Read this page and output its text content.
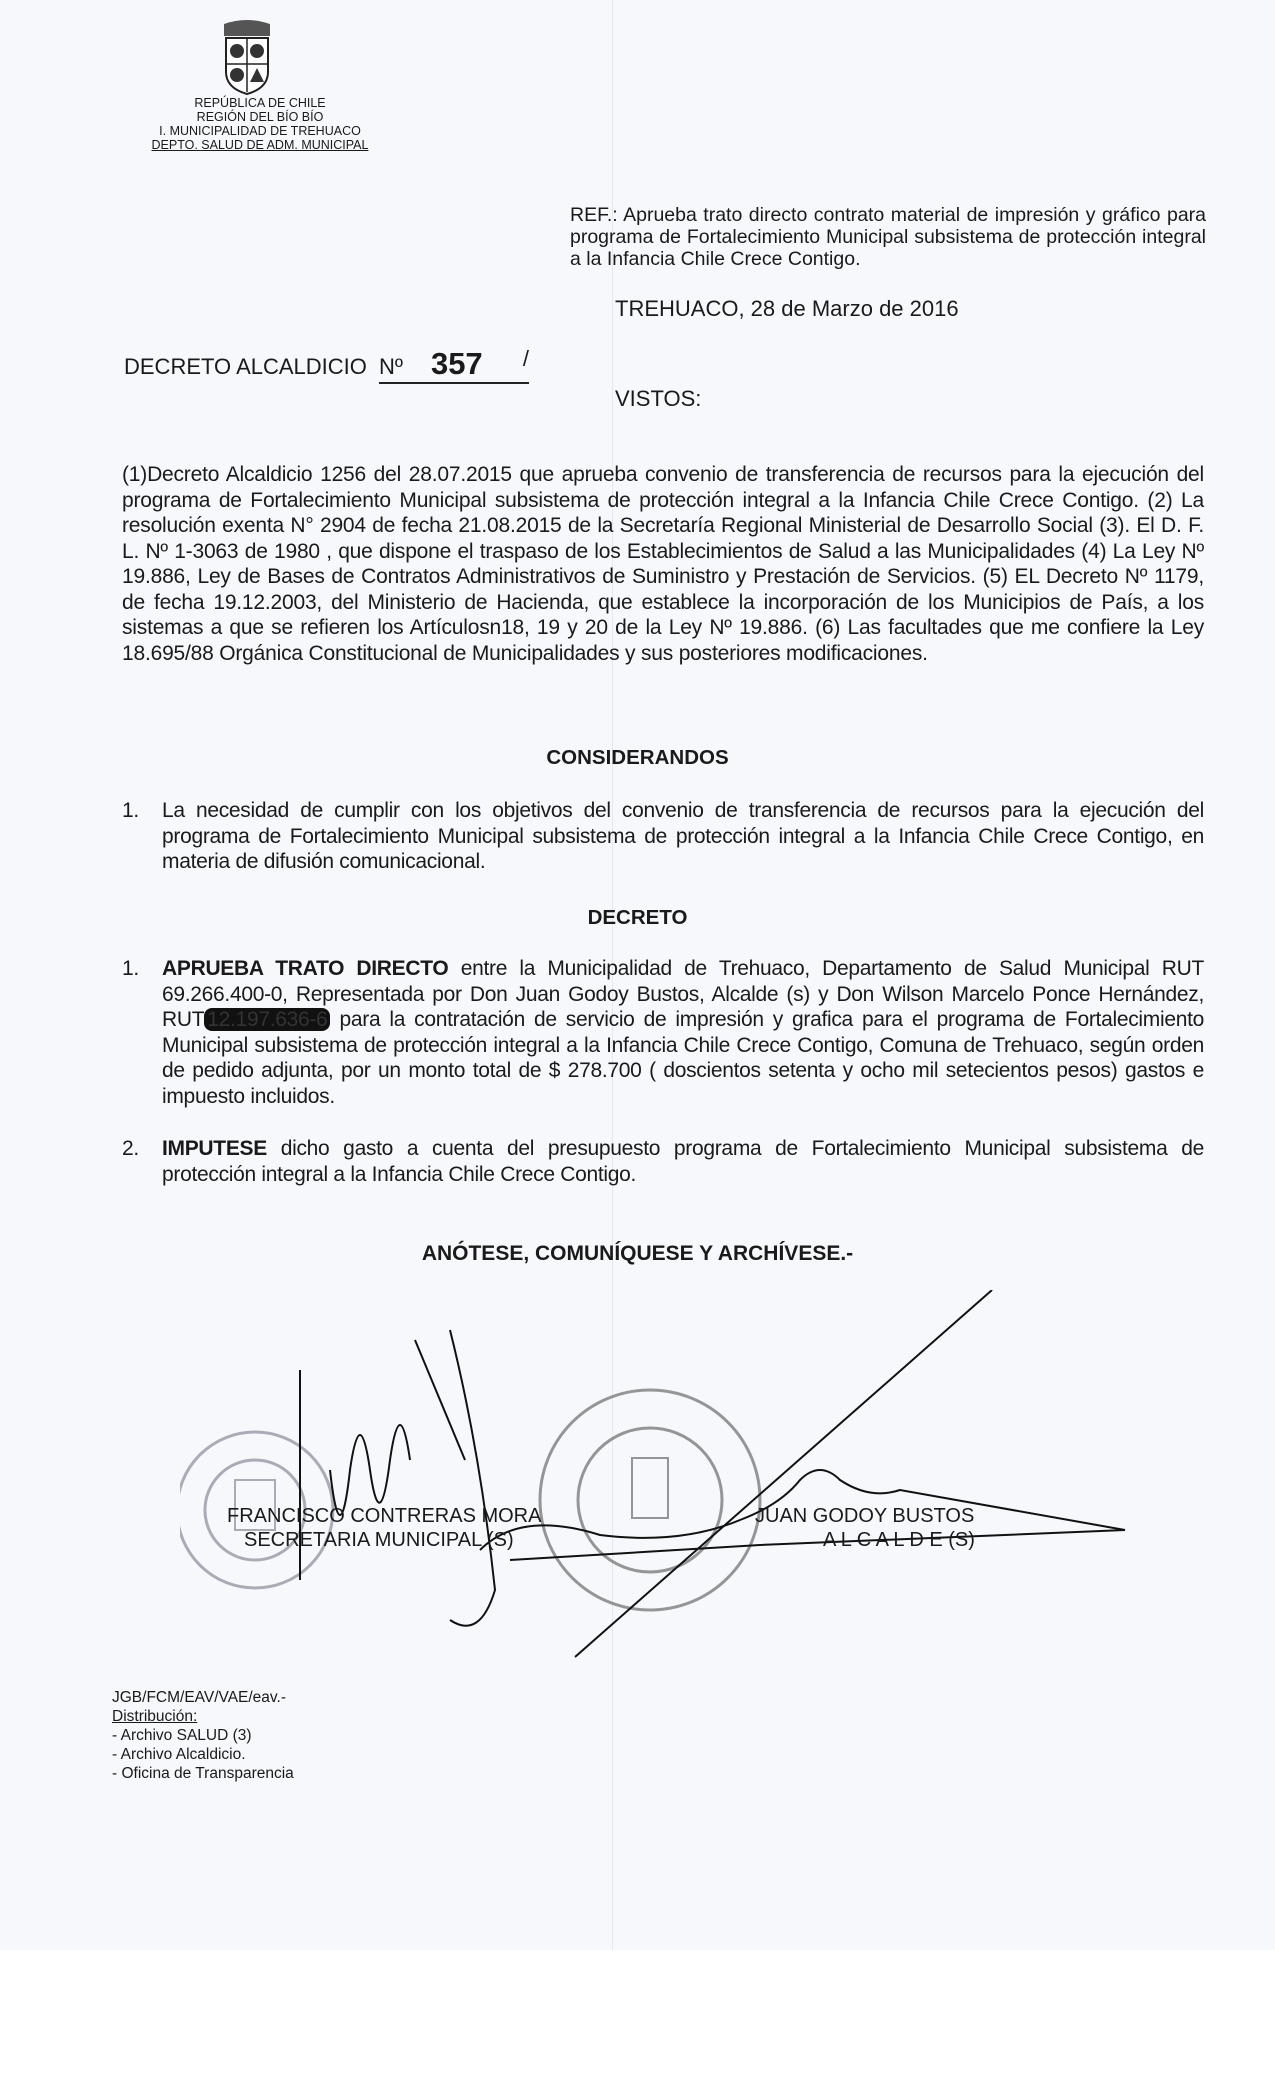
REPÚBLICA DE CHILE
REGIÓN DEL BÍO BÍO
I. MUNICIPALIDAD DE TREHUACO
DEPTO. SALUD DE ADM. MUNICIPAL
REF.: Aprueba trato directo contrato material de impresión y gráfico para programa de Fortalecimiento Municipal subsistema de protección integral a la Infancia Chile Crece Contigo.
TREHUACO, 28 de Marzo de 2016
DECRETO ALCALDICIO Nº 357 /
VISTOS:
(1)Decreto Alcaldicio 1256 del 28.07.2015 que aprueba convenio de transferencia de recursos para la ejecución del programa de Fortalecimiento Municipal subsistema de protección integral a la Infancia Chile Crece Contigo. (2) La resolución exenta N° 2904 de fecha 21.08.2015 de la Secretaría Regional Ministerial de Desarrollo Social (3). El D. F. L. Nº 1-3063 de 1980 , que dispone el traspaso de los Establecimientos de Salud a las Municipalidades (4) La Ley Nº 19.886, Ley de Bases de Contratos Administrativos de Suministro y Prestación de Servicios. (5) EL Decreto Nº 1179, de fecha 19.12.2003, del Ministerio de Hacienda, que establece la incorporación de los Municipios de País, a los sistemas a que se refieren los Artículosn18, 19 y 20 de la Ley Nº 19.886. (6) Las facultades que me confiere la Ley 18.695/88 Orgánica Constitucional de Municipalidades y sus posteriores modificaciones.
CONSIDERANDOS
1. La necesidad de cumplir con los objetivos del convenio de transferencia de recursos para la ejecución del programa de Fortalecimiento Municipal subsistema de protección integral a la Infancia Chile Crece Contigo, en materia de difusión comunicacional.
DECRETO
1. APRUEBA TRATO DIRECTO entre la Municipalidad de Trehuaco, Departamento de Salud Municipal RUT 69.266.400-0, Representada por Don Juan Godoy Bustos, Alcalde (s) y Don Wilson Marcelo Ponce Hernández, RUT 12.197.636-6 para la contratación de servicio de impresión y grafica para el programa de Fortalecimiento Municipal subsistema de protección integral a la Infancia Chile Crece Contigo, Comuna de Trehuaco, según orden de pedido adjunta, por un monto total de $ 278.700 ( doscientos setenta y ocho mil setecientos pesos) gastos e impuesto incluidos.
2. IMPUTESE dicho gasto a cuenta del presupuesto programa de Fortalecimiento Municipal subsistema de protección integral a la Infancia Chile Crece Contigo.
ANÓTESE, COMUNÍQUESE Y ARCHÍVESE.-
FRANCISCO CONTRERAS MORA
SECRETARIA MUNICIPAL (S)
JUAN GODOY BUSTOS
A L C A L D E (S)
JGB/FCM/EAV/VAE/eav.-
Distribución:
- Archivo SALUD (3)
- Archivo Alcaldicio.
- Oficina de Transparencia
